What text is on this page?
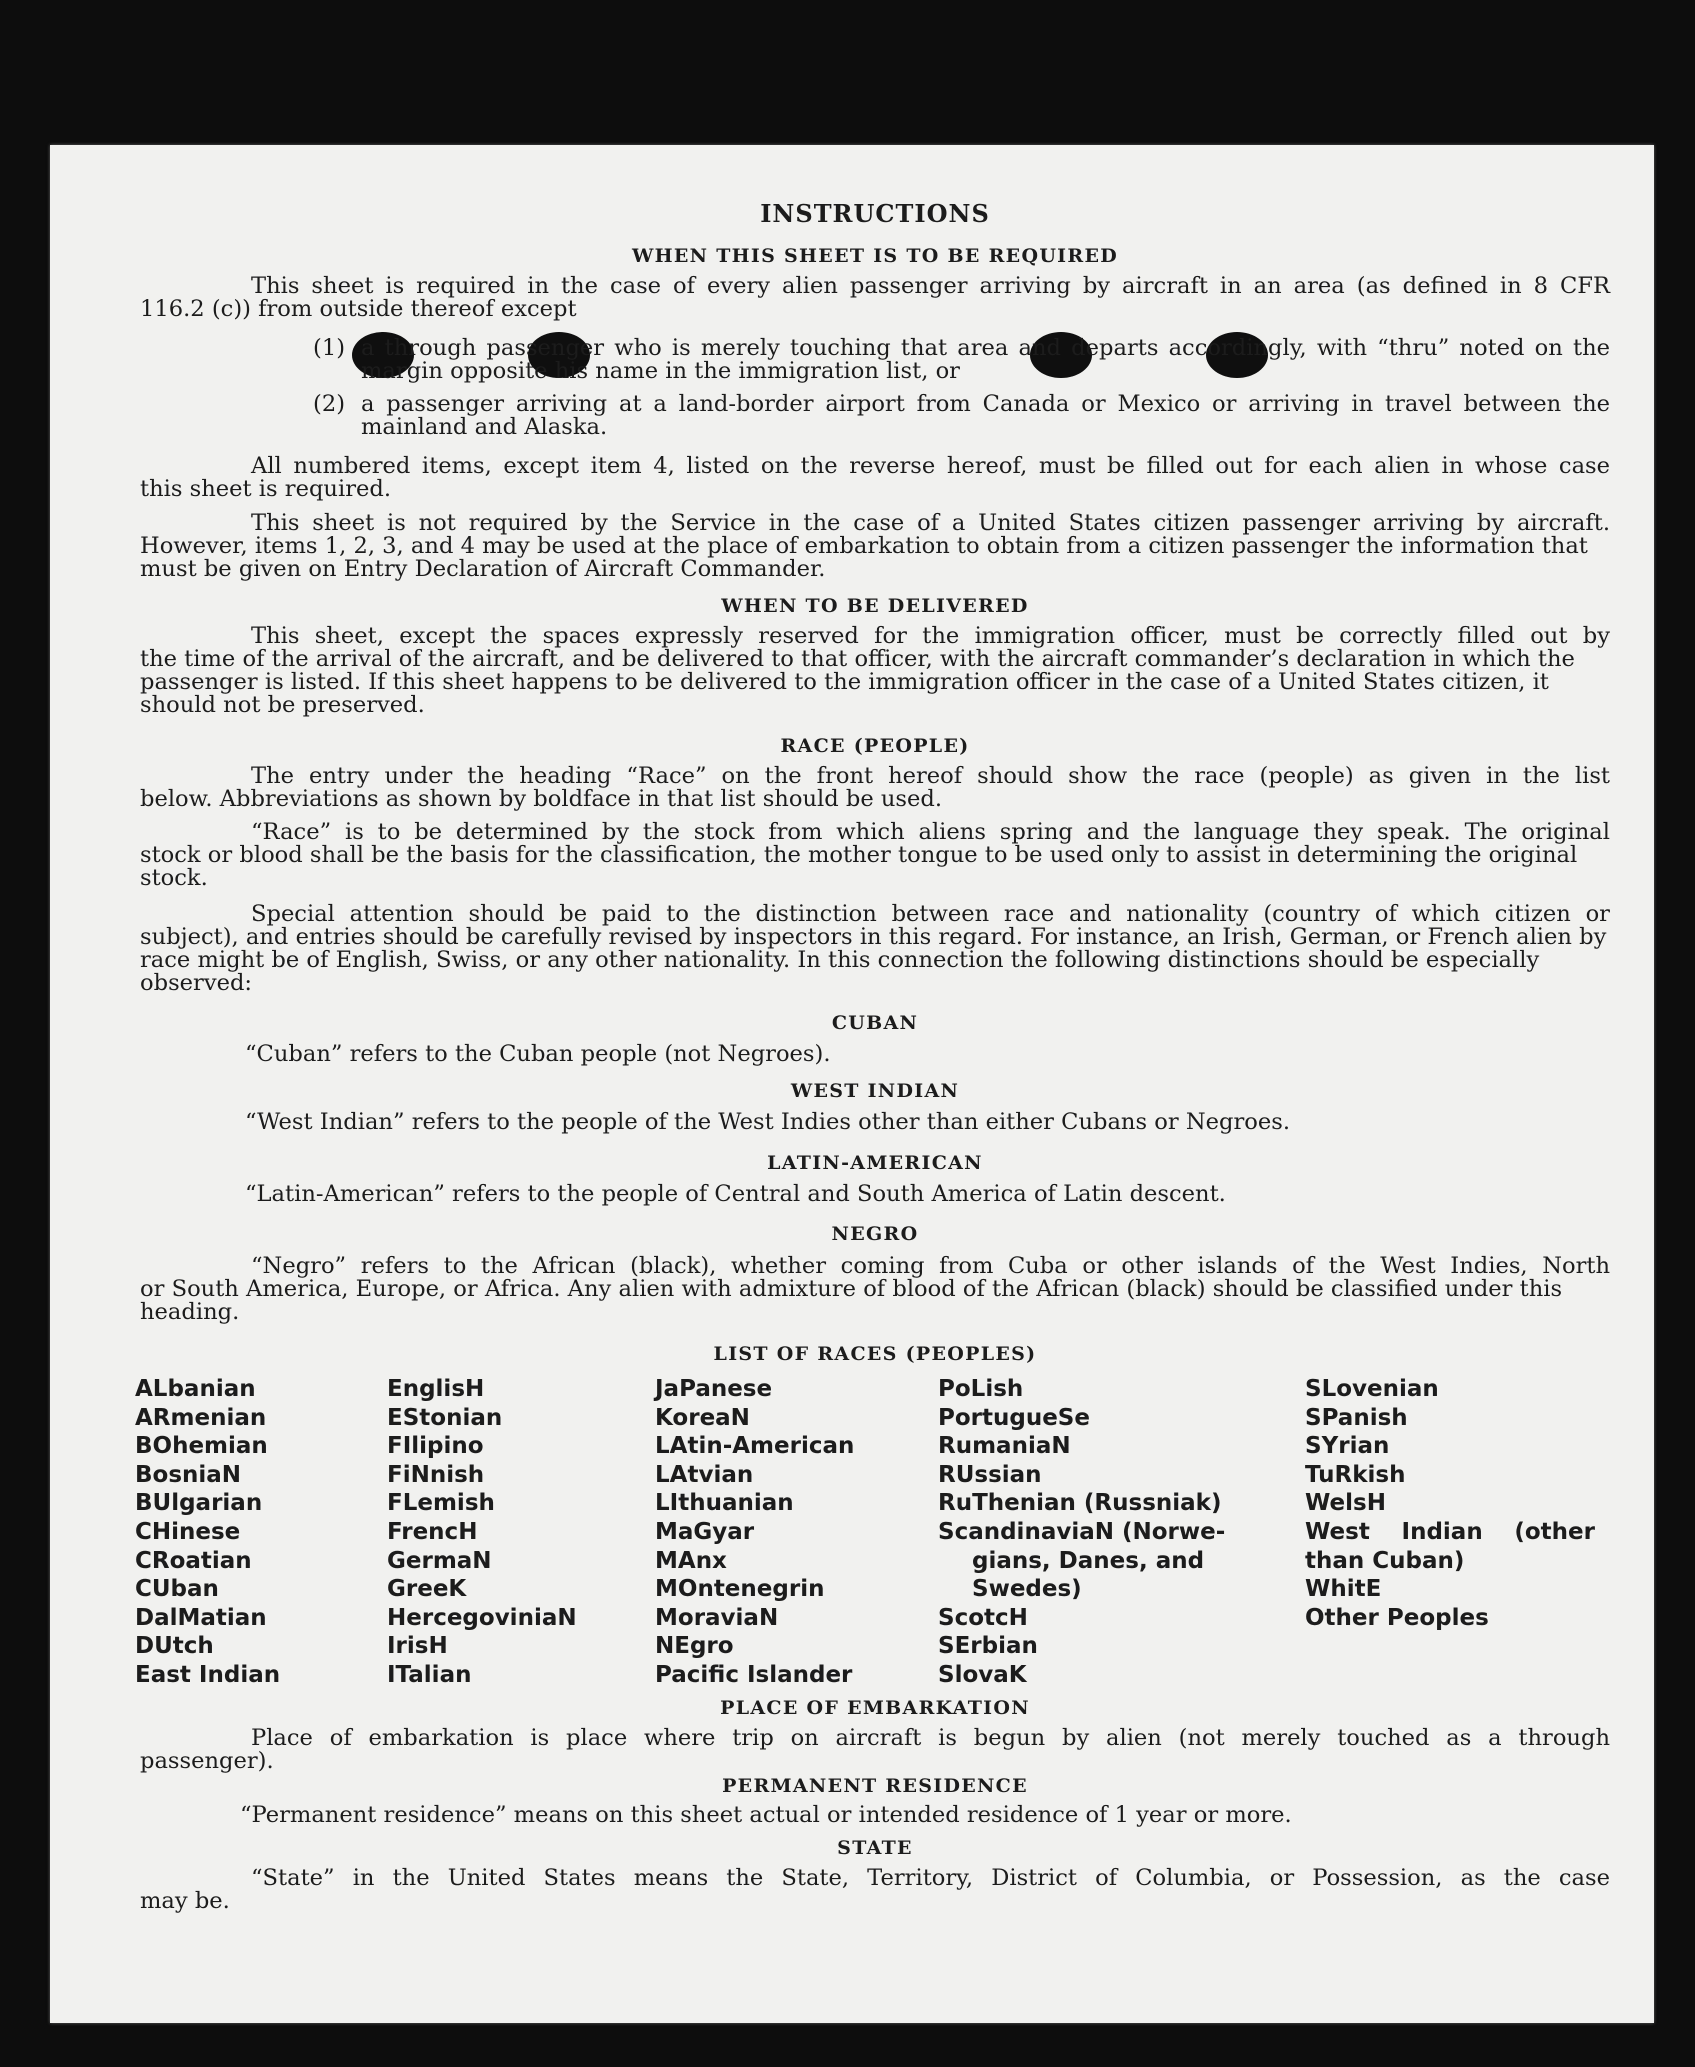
INSTRUCTIONS
WHEN THIS SHEET IS TO BE REQUIRED
This sheet is required in the case of every alien passenger arriving by aircraft in an area (as defined in 8 CFR
116.2 (c)) from outside thereof except
(1) a through passenger who is merely touching that area and departs accordingly, with “thru” noted on the margin opposite his name in the immigration list, or
(2) a passenger arriving at a land-border airport from Canada or Mexico or arriving in travel between the mainland and Alaska.
All numbered items, except item 4, listed on the reverse hereof, must be filled out for each alien in whose case
this sheet is required.
This sheet is not required by the Service in the case of a United States citizen passenger arriving by aircraft.
However, items 1, 2, 3, and 4 may be used at the place of embarkation to obtain from a citizen passenger the information that must be given on Entry Declaration of Aircraft Commander.
WHEN TO BE DELIVERED
This sheet, except the spaces expressly reserved for the immigration officer, must be correctly filled out by
the time of the arrival of the aircraft, and be delivered to that officer, with the aircraft commander’s declaration in which the passenger is listed. If this sheet happens to be delivered to the immigration officer in the case of a United States citizen, it should not be preserved.
RACE (PEOPLE)
The entry under the heading “Race” on the front hereof should show the race (people) as given in the list
below. Abbreviations as shown by boldface in that list should be used.
“Race” is to be determined by the stock from which aliens spring and the language they speak. The original
stock or blood shall be the basis for the classification, the mother tongue to be used only to assist in determining the original stock.
Special attention should be paid to the distinction between race and nationality (country of which citizen or
subject), and entries should be carefully revised by inspectors in this regard. For instance, an Irish, German, or French alien by race might be of English, Swiss, or any other nationality. In this connection the following distinctions should be especially observed:
CUBAN
“Cuban” refers to the Cuban people (not Negroes).
WEST INDIAN
“West Indian” refers to the people of the West Indies other than either Cubans or Negroes.
LATIN-AMERICAN
“Latin-American” refers to the people of Central and South America of Latin descent.
NEGRO
“Negro” refers to the African (black), whether coming from Cuba or other islands of the West Indies, North
or South America, Europe, or Africa. Any alien with admixture of blood of the African (black) should be classified under this heading.
LIST OF RACES (PEOPLES)
ALbanian
ARmenian
BOhemian
BosniaN
BUlgarian
CHinese
CRoatian
CUban
DalMatian
DUtch
East Indian
EnglisH
EStonian
FIlipino
FiNnish
FLemish
FrencH
GermaN
GreeK
HercegoviniaN
IrisH
ITalian
JaPanese
KoreaN
LAtin-American
LAtvian
LIthuanian
MaGyar
MAnx
MOntenegrin
MoraviaN
NEgro
Pacific Islander
PoLish
PortugueSe
RumaniaN
RUssian
RuThenian (Russniak)
ScandinaviaN (Norwe-
gians, Danes, and
Swedes)
ScotcH
SErbian
SlovaK
SLovenian
SPanish
SYrian
TuRkish
WelsH
West Indian (other than Cuban)
WhitE
Other Peoples
PLACE OF EMBARKATION
Place of embarkation is place where trip on aircraft is begun by alien (not merely touched as a through
passenger).
PERMANENT RESIDENCE
“Permanent residence” means on this sheet actual or intended residence of 1 year or more.
STATE
“State” in the United States means the State, Territory, District of Columbia, or Possession, as the case
may be.
